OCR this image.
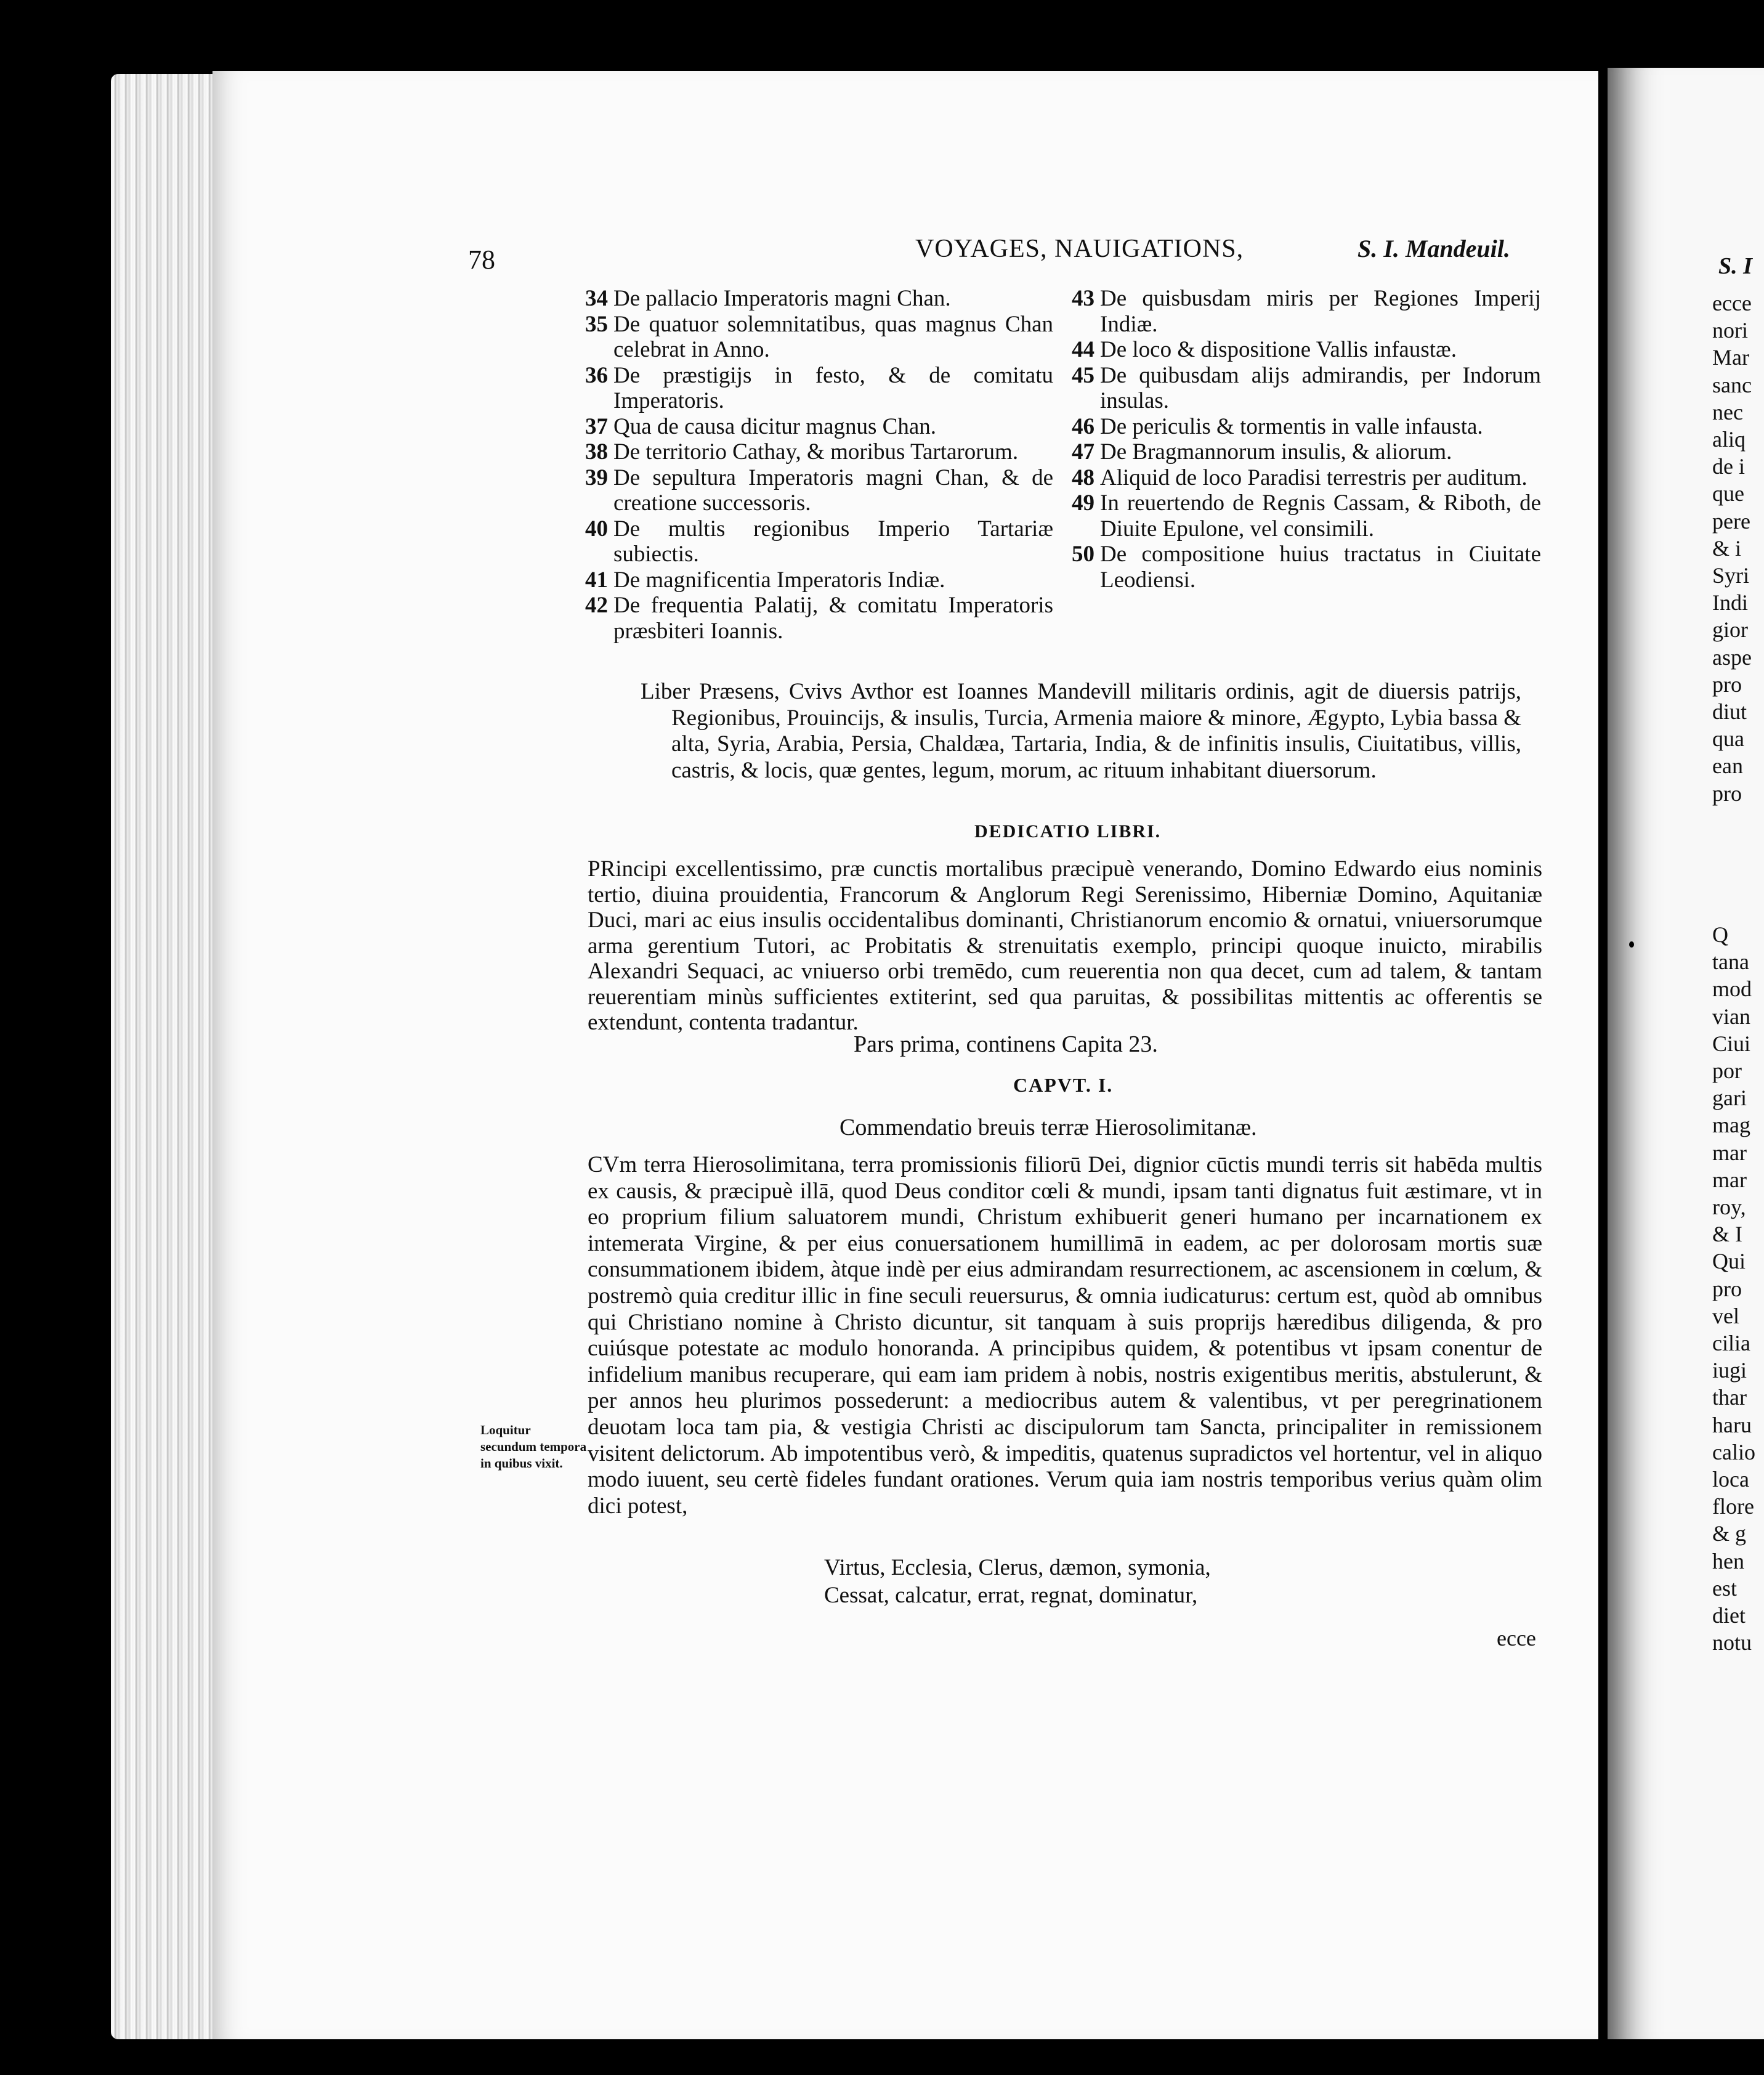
S. I
ecce
nori
Mar
sanc
nec
aliq
de i
que
pere
& i
Syri
Indi
gior
aspe
pro
diut
qua
ean
pro
Q
tana
mod
vian
Ciui
por
gari
mag
mar
mar
roy,
& I
Qui
pro
vel
cilia
iugi
thar
haru
calio
loca
flore
& g
hen
est
diet
notu
78	VOYAGES, NAUIGATIONS,	S. I. Mandeuil.
34 De pallacio Imperatoris magni Chan.
35 De quatuor solemnitatibus, quas magnus Chan celebrat in Anno.
36 De præstigijs in festo, & de comitatu Imperatoris.
37 Qua de causa dicitur magnus Chan.
38 De territorio Cathay, & moribus Tartarorum.
39 De sepultura Imperatoris magni Chan, & de creatione successoris.
40 De multis regionibus Imperio Tartariæ subiectis.
41 De magnificentia Imperatoris Indiæ.
42 De frequentia Palatij, & comitatu Imperatoris præsbiteri Ioannis.
43 De quisbusdam miris per Regiones Imperij Indiæ.
44 De loco & dispositione Vallis infaustæ.
45 De quibusdam alijs admirandis, per Indorum insulas.
46 De periculis & tormentis in valle infausta.
47 De Bragmannorum insulis, & aliorum.
48 Aliquid de loco Paradisi terrestris per auditum.
49 In reuertendo de Regnis Cassam, & Riboth, de Diuite Epulone, vel consimili.
50 De compositione huius tractatus in Ciuitate Leodiensi.
Liber Præsens, Cvivs Avthor est Ioannes Mandevill militaris ordinis, agit de diuersis patrijs, Regionibus, Prouincijs, & insulis, Turcia, Armenia maiore & minore, Ægypto, Lybia bassa & alta, Syria, Arabia, Persia, Chaldæa, Tartaria, India, & de infinitis insulis, Ciuitatibus, villis, castris, & locis, quæ gentes, legum, morum, ac rituum inhabitant diuersorum.
DEDICATIO LIBRI.
PRincipi excellentissimo, præ cunctis mortalibus præcipuè venerando, Domino Edwardo eius nominis tertio, diuina prouidentia, Francorum & Anglorum Regi Serenissimo, Hiberniæ Domino, Aquitaniæ Duci, mari ac eius insulis occidentalibus dominanti, Christianorum encomio & ornatui, vniuersorumque arma gerentium Tutori, ac Probitatis & strenuitatis exemplo, principi quoque inuicto, mirabilis Alexandri Sequaci, ac vniuerso orbi tremēdo, cum reuerentia non qua decet, cum ad talem, & tantam reuerentiam minùs sufficientes extiterint, sed qua paruitas, & possibilitas mittentis ac offerentis se extendunt, contenta tradantur.
Pars prima, continens Capita 23.
CAPVT. I.
Commendatio breuis terræ Hierosolimitanæ.
CVm terra Hierosolimitana, terra promissionis filiorū Dei, dignior cūctis mundi terris sit habēda multis ex causis, & præcipuè illā, quod Deus conditor cœli & mundi, ipsam tanti dignatus fuit æstimare, vt in eo proprium filium saluatorem mundi, Christum exhibuerit generi humano per incarnationem ex intemerata Virgine, & per eius conuersationem humillimā in eadem, ac per dolorosam mortis suæ consummationem ibidem, àtque indè per eius admirandam resurrectionem, ac ascensionem in cœlum, & postremò quia creditur illic in fine seculi reuersurus, & omnia iudicaturus: certum est, quòd ab omnibus qui Christiano nomine à Christo dicuntur, sit tanquam à suis proprijs hæredibus diligenda, & pro cuiúsque potestate ac modulo honoranda. A principibus quidem, & potentibus vt ipsam conentur de infidelium manibus recuperare, qui eam iam pridem à nobis, nostris exigentibus meritis, abstulerunt, & per annos heu plurimos possederunt: a mediocribus autem & valentibus, vt per peregrinationem deuotam loca tam pia, & vestigia Christi ac discipulorum tam Sancta, principaliter in remissionem visitent delictorum. Ab impotentibus verò, & impeditis, quatenus supradictos vel hortentur, vel in aliquo modo iuuent, seu certè fideles fundant orationes. Verum quia iam nostris temporibus verius quàm olim dici potest,
Loquitur secundum tempora in quibus vixit.
Virtus, Ecclesia, Clerus, dæmon, symonia,
Cessat, calcatur, errat, regnat, dominatur,
ecce
